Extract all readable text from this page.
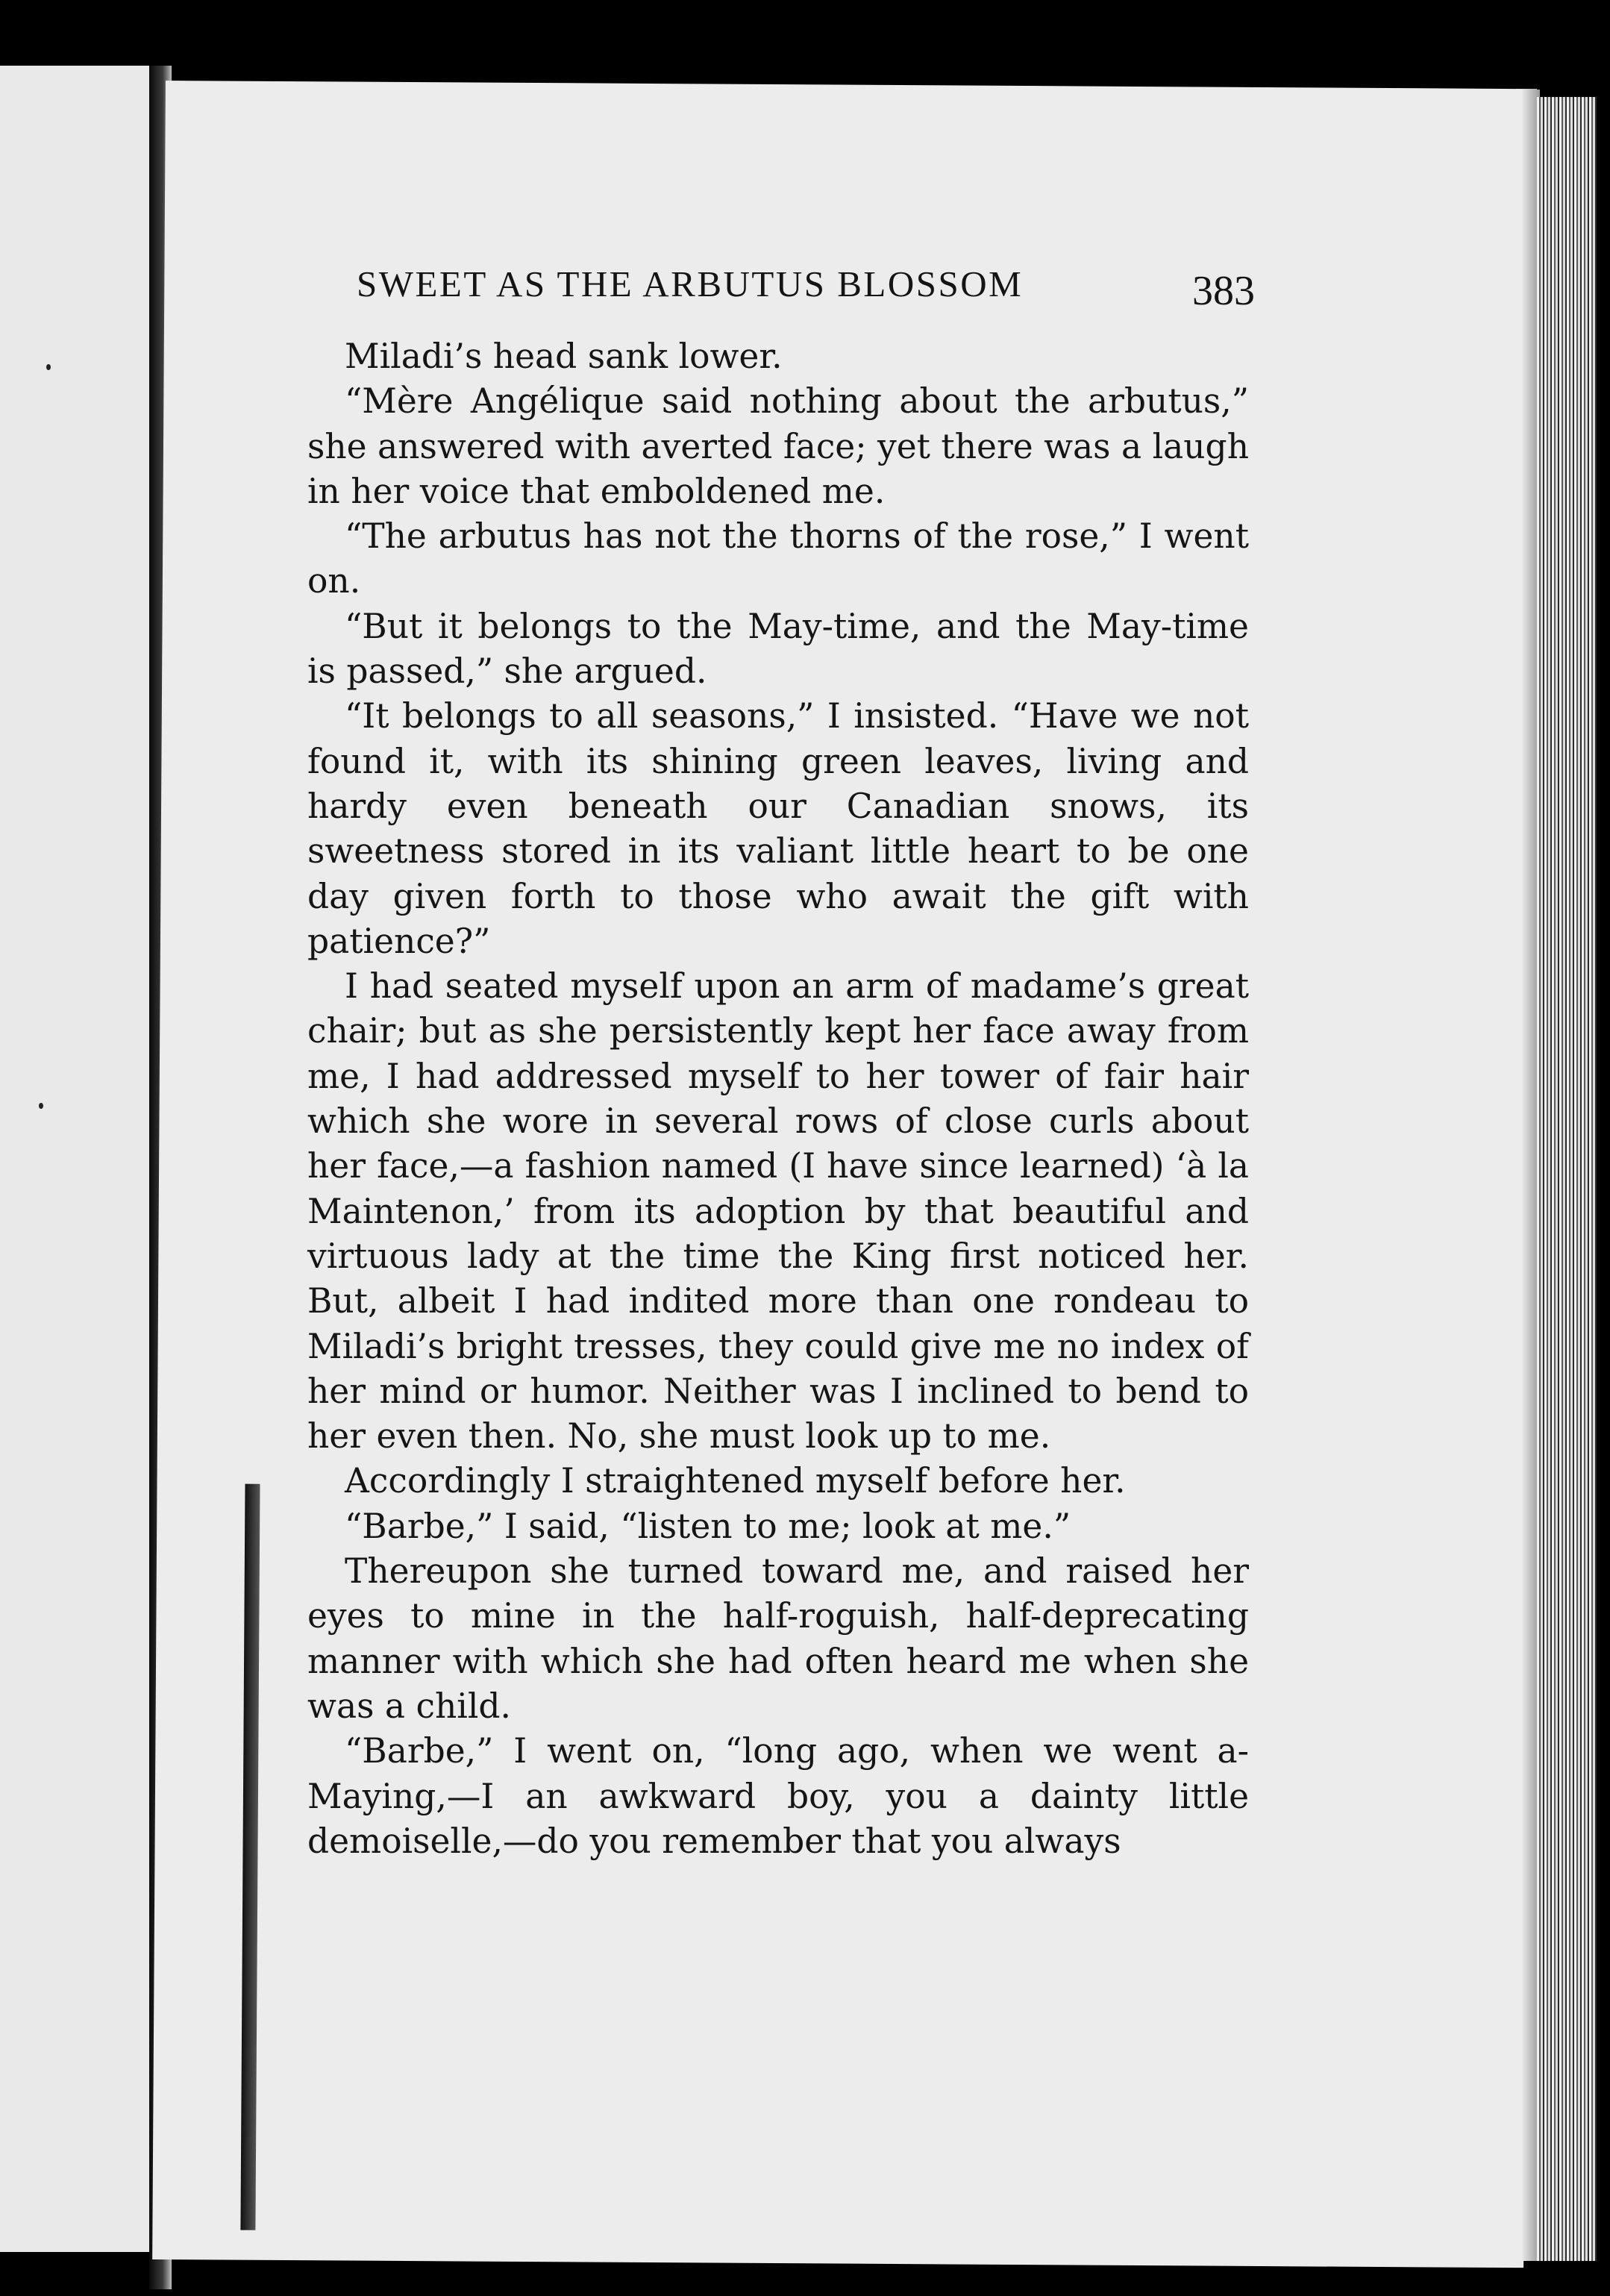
SWEET AS THE ARBUTUS BLOSSOM	383

Miladi’s head sank lower.

“Mère Angélique said nothing about the arbutus,” she answered with averted face; yet there was a laugh in her voice that emboldened me.

“The arbutus has not the thorns of the rose,” I went on.

“But it belongs to the May-time, and the May-time is passed,” she argued.

“It belongs to all seasons,” I insisted. “Have we not found it, with its shining green leaves, living and hardy even beneath our Canadian snows, its sweetness stored in its valiant little heart to be one day given forth to those who await the gift with patience?”

I had seated myself upon an arm of madame’s great chair; but as she persistently kept her face away from me, I had addressed myself to her tower of fair hair which she wore in several rows of close curls about her face,—a fashion named (I have since learned) ‘à la Maintenon,’ from its adoption by that beautiful and virtuous lady at the time the King first noticed her. But, albeit I had indited more than one rondeau to Miladi’s bright tresses, they could give me no index of her mind or humor. Neither was I inclined to bend to her even then. No, she must look up to me.

Accordingly I straightened myself before her.

“Barbe,” I said, “listen to me; look at me.”

Thereupon she turned toward me, and raised her eyes to mine in the half-roguish, half-deprecating manner with which she had often heard me when she was a child.

“Barbe,” I went on, “long ago, when we went a-Maying,—I an awkward boy, you a dainty little demoiselle,—do you remember that you always
